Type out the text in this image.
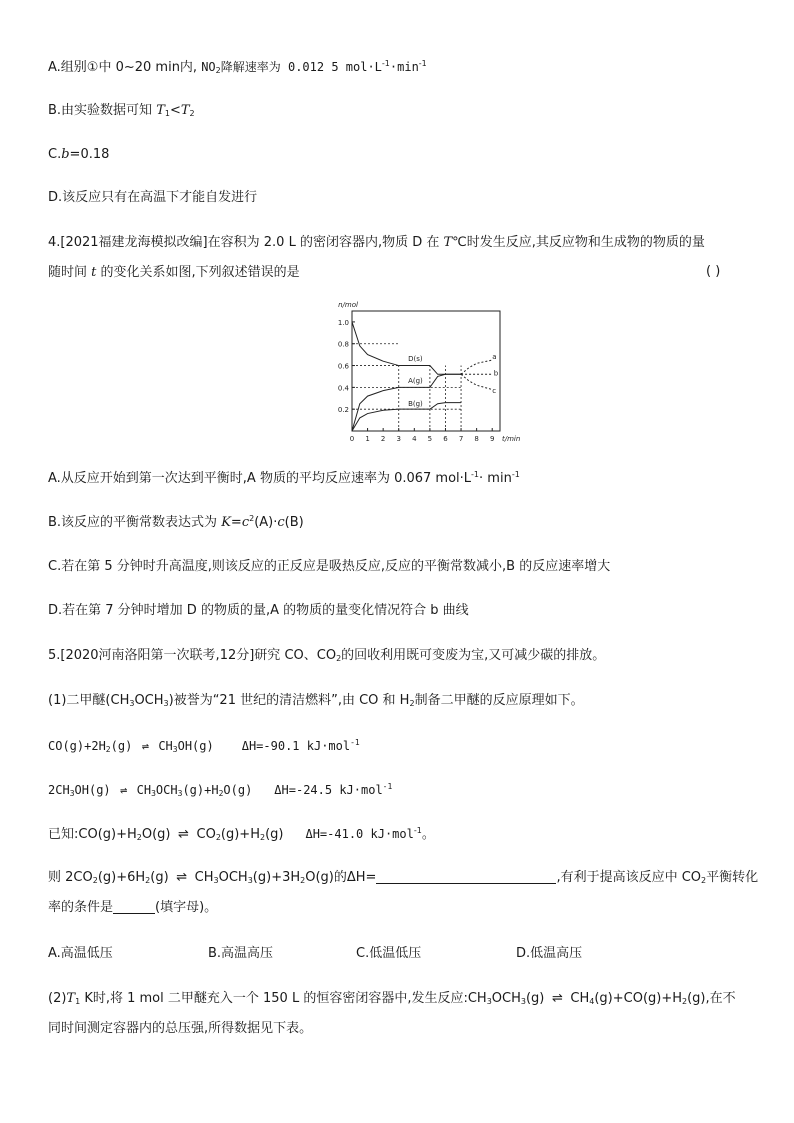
A.组别①中 0~20 min内, $NO_2$降解速率为 0.012 5 $mol\cdot L^{-1}\cdot\min^{-1}$
B.由实验数据可知 $T_1<T_2$
C.b=0.18
D.该反应只有在高温下才能自发进行
4.[2021福建龙海模拟改编]在容积为 2.0 L 的密闭容器内,物质 D 在 T℃时发生反应,其反应物和生成物的物质的量
随时间 t 的变化关系如图,下列叙述错误的是	( )
0.2
0.4
0.6
0.8
1.0
0 1 2 3 4 5 6 7 8 9
n/mol
t/min
D(s)
A(g)
B(g)
a
b
c
A.从反应开始到第一次达到平衡时,A 物质的平均反应速率为 0.067 $mol\cdot L^{-1}\cdot \min^{-1}$
B.该反应的平衡常数表达式为 $K=c^2(A)\cdot c(B)$
C.若在第 5 分钟时升高温度,则该反应的正反应是吸热反应,反应的平衡常数减小,B 的反应速率增大
D.若在第 7 分钟时增加 D 的物质的量,A 的物质的量变化情况符合 b 曲线
5.[2020河南洛阳第一次联考,12分]研究 CO、$CO_2$的回收利用既可变废为宝,又可减少碳的排放。
(1)二甲醚$(CH_3OCH_3)$被誉为“21 世纪的清洁燃料”,由 CO 和 $H_2$制备二甲醚的反应原理如下。
$CO(g)+2H_2(g)$ ⇌ $CH_3OH(g)$ ΔH=-90.1 kJ·mol$^{-1}$
$2CH_3OH(g)$ ⇌ $CH_3OCH_3(g)+H_2O(g)$ ΔH=-24.5 kJ·mol$^{-1}$
已知$:CO(g)+H_2O(g)$ ⇌ $CO_2(g)+H_2(g)$ ΔH=-41.0 kJ·mol$^{-1}$。
则 $2CO_2(g)+6H_2(g)$ ⇌ $CH_3OCH_3(g)+3H_2O(g)$的ΔH=	,有利于提高该反应中 $CO_2$平衡转化
率的条件是	(填字母)。
A.高温低压	B.高温高压	C.低温低压	D.低温高压
$(2)T_1$ K时,将 1 mol 二甲醚充入一个 150 L 的恒容密闭容器中,发生反应$:CH_3OCH_3(g)$ ⇌ $CH_4(g)+CO(g)+H_2(g)$,在不
同时间测定容器内的总压强,所得数据见下表。
